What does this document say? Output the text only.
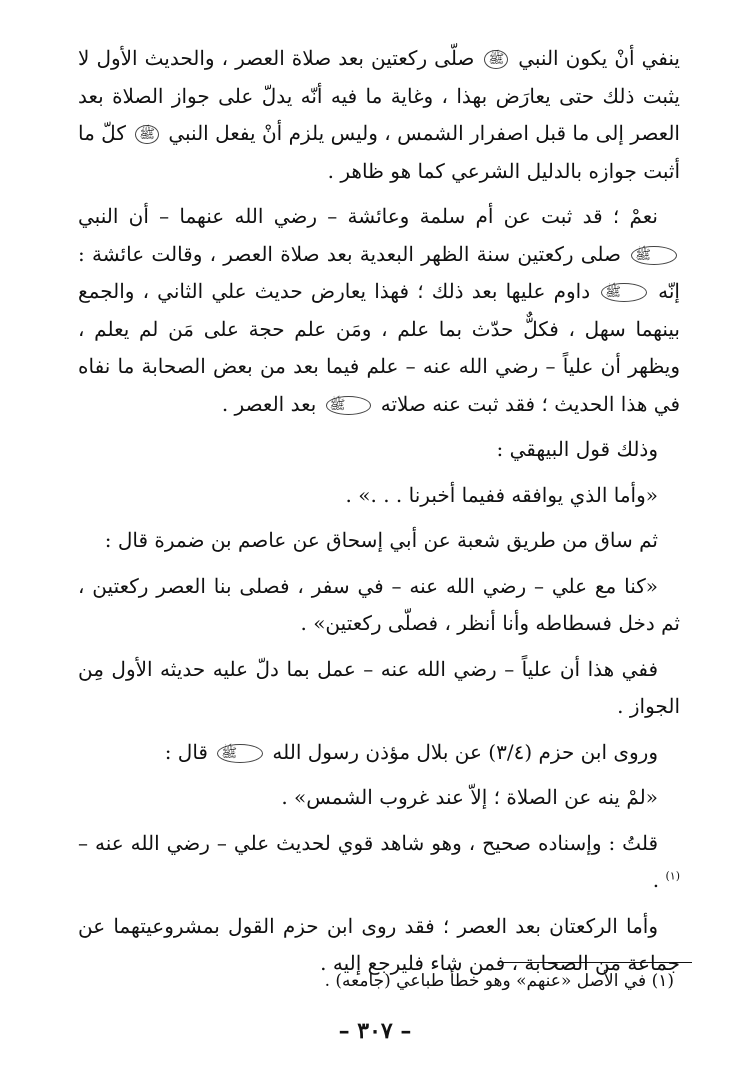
ينفي أنْ يكون النبي ﷺ صلّى ركعتين بعد صلاة العصر ، والحديث الأول لا يثبت ذلك حتى يعارَض بهذا ، وغاية ما فيه أنّه يدلّ على جواز الصلاة بعد العصر إلى ما قبل اصفرار الشمس ، وليس يلزم أنْ يفعل النبي ﷺ كلّ ما أثبت جوازه بالدليل الشرعي كما هو ظاهر .

نعمْ ؛ قد ثبت عن أم سلمة وعائشة – رضي الله عنهما – أن النبي ﷺ صلى ركعتين سنة الظهر البعدية بعد صلاة العصر ، وقالت عائشة : إنّه ﷺ داوم عليها بعد ذلك ؛ فهذا يعارض حديث علي الثاني ، والجمع بينهما سهل ، فكلٌّ حدّث بما علم ، ومَن علم حجة على مَن لم يعلم ، ويظهر أن علياً – رضي الله عنه – علم فيما بعد من بعض الصحابة ما نفاه في هذا الحديث ؛ فقد ثبت عنه صلاته ﷺ بعد العصر .

وذلك قول البيهقي :

«وأما الذي يوافقه ففيما أخبرنا . . .» .

ثم ساق من طريق شعبة عن أبي إسحاق عن عاصم بن ضمرة قال :

«كنا مع علي – رضي الله عنه – في سفر ، فصلى بنا العصر ركعتين ، ثم دخل فسطاطه وأنا أنظر ، فصلّى ركعتين» .

ففي هذا أن علياً – رضي الله عنه – عمل بما دلّ عليه حديثه الأول مِن الجواز .

وروى ابن حزم (٣/٤) عن بلال مؤذن رسول الله ﷺ قال :

«لمْ ينه عن الصلاة ؛ إلاّ عند غروب الشمس» .

قلتُ : وإسناده صحيح ، وهو شاهد قوي لحديث علي – رضي الله عنه –$^{(١)}$ .

وأما الركعتان بعد العصر ؛ فقد روى ابن حزم القول بمشروعيتهما عن جماعة من الصحابة ، فمن شاء فليرجع إليه .

(١) في الأصل «عنهم» وهو خطأ طباعي (جامعه) .

– ٣٠٧ –
